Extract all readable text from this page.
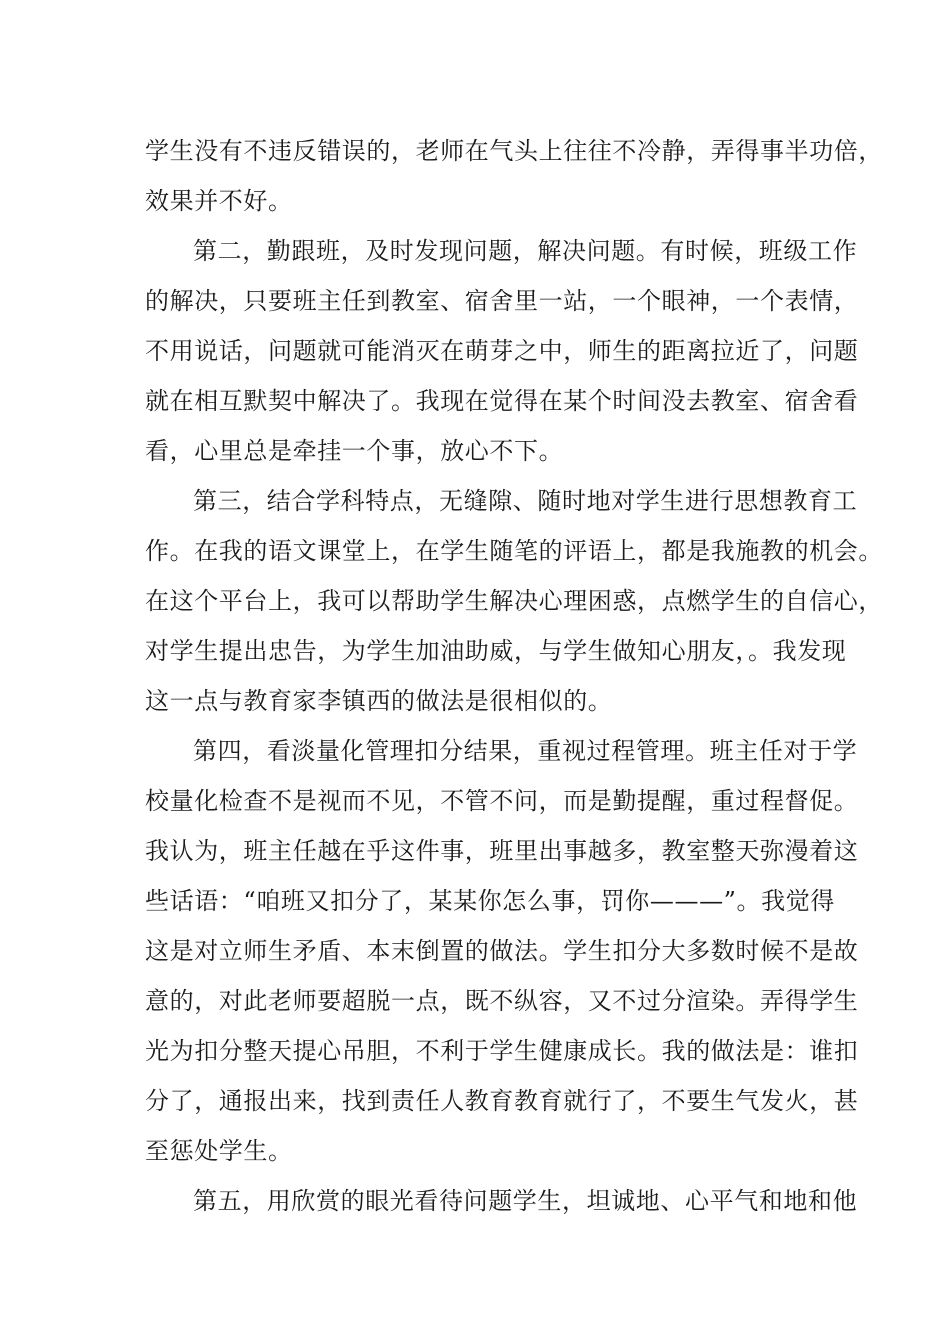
学生没有不违反错误的，老师在气头上往往不冷静，弄得事半功倍，
效果并不好。
第二，勤跟班，及时发现问题，解决问题。有时候，班级工作
的解决，只要班主任到教室、宿舍里一站，一个眼神，一个表情，
不用说话，问题就可能消灭在萌芽之中，师生的距离拉近了，问题
就在相互默契中解决了。我现在觉得在某个时间没去教室、宿舍看
看，心里总是牵挂一个事，放心不下。
第三，结合学科特点，无缝隙、随时地对学生进行思想教育工
作。在我的语文课堂上，在学生随笔的评语上，都是我施教的机会。
在这个平台上，我可以帮助学生解决心理困惑，点燃学生的自信心，
对学生提出忠告，为学生加油助威，与学生做知心朋友，。我发现
这一点与教育家李镇西的做法是很相似的。
第四，看淡量化管理扣分结果，重视过程管理。班主任对于学
校量化检查不是视而不见，不管不问，而是勤提醒，重过程督促。
我认为，班主任越在乎这件事，班里出事越多，教室整天弥漫着这
些话语：“咱班又扣分了，某某你怎么事，罚你———”。我觉得
这是对立师生矛盾、本末倒置的做法。学生扣分大多数时候不是故
意的，对此老师要超脱一点，既不纵容，又不过分渲染。弄得学生
光为扣分整天提心吊胆，不利于学生健康成长。我的做法是：谁扣
分了，通报出来，找到责任人教育教育就行了，不要生气发火，甚
至惩处学生。
第五，用欣赏的眼光看待问题学生，坦诚地、心平气和地和他
